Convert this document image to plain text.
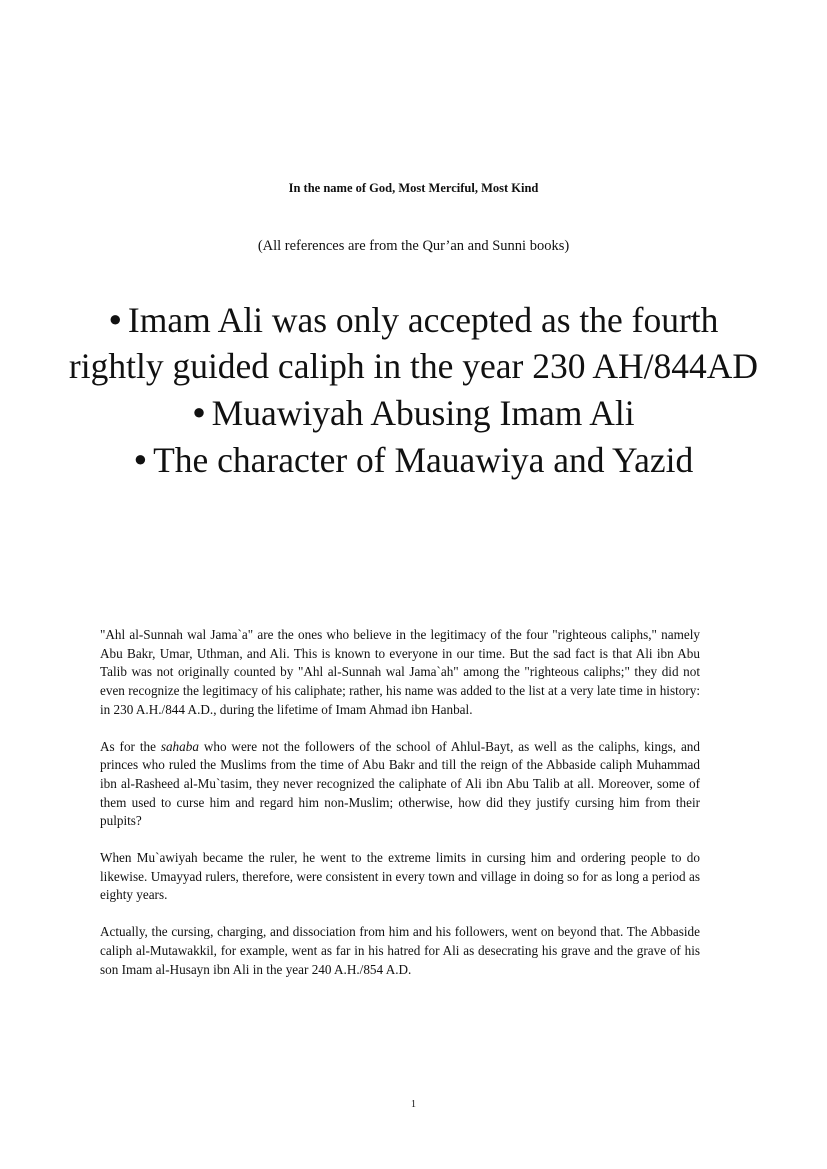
In the name of God, Most Merciful, Most Kind

(All references are from the Qur’an and Sunni books)

● Imam Ali was only accepted as the fourth rightly guided caliph in the year 230 AH/844AD
● Muawiyah Abusing Imam Ali
● The character of Mauawiya and Yazid

"Ahl al-Sunnah wal Jama`a" are the ones who believe in the legitimacy of the four "righteous caliphs," namely Abu Bakr, Umar, Uthman, and Ali. This is known to everyone in our time. But the sad fact is that Ali ibn Abu Talib was not originally counted by "Ahl al-Sunnah wal Jama`ah" among the "righteous caliphs;" they did not even recognize the legitimacy of his caliphate; rather, his name was added to the list at a very late time in history: in 230 A.H./844 A.D., during the lifetime of Imam Ahmad ibn Hanbal.

As for the sahaba who were not the followers of the school of Ahlul-Bayt, as well as the caliphs, kings, and princes who ruled the Muslims from the time of Abu Bakr and till the reign of the Abbaside caliph Muhammad ibn al-Rasheed al-Mu`tasim, they never recognized the caliphate of Ali ibn Abu Talib at all. Moreover, some of them used to curse him and regard him non-Muslim; otherwise, how did they justify cursing him from their pulpits?

When Mu`awiyah became the ruler, he went to the extreme limits in cursing him and ordering people to do likewise. Umayyad rulers, therefore, were consistent in every town and village in doing so for as long a period as eighty years.

Actually, the cursing, charging, and dissociation from him and his followers, went on beyond that. The Abbaside caliph al-Mutawakkil, for example, went as far in his hatred for Ali as desecrating his grave and the grave of his son Imam al-Husayn ibn Ali in the year 240 A.H./854 A.D.

1
